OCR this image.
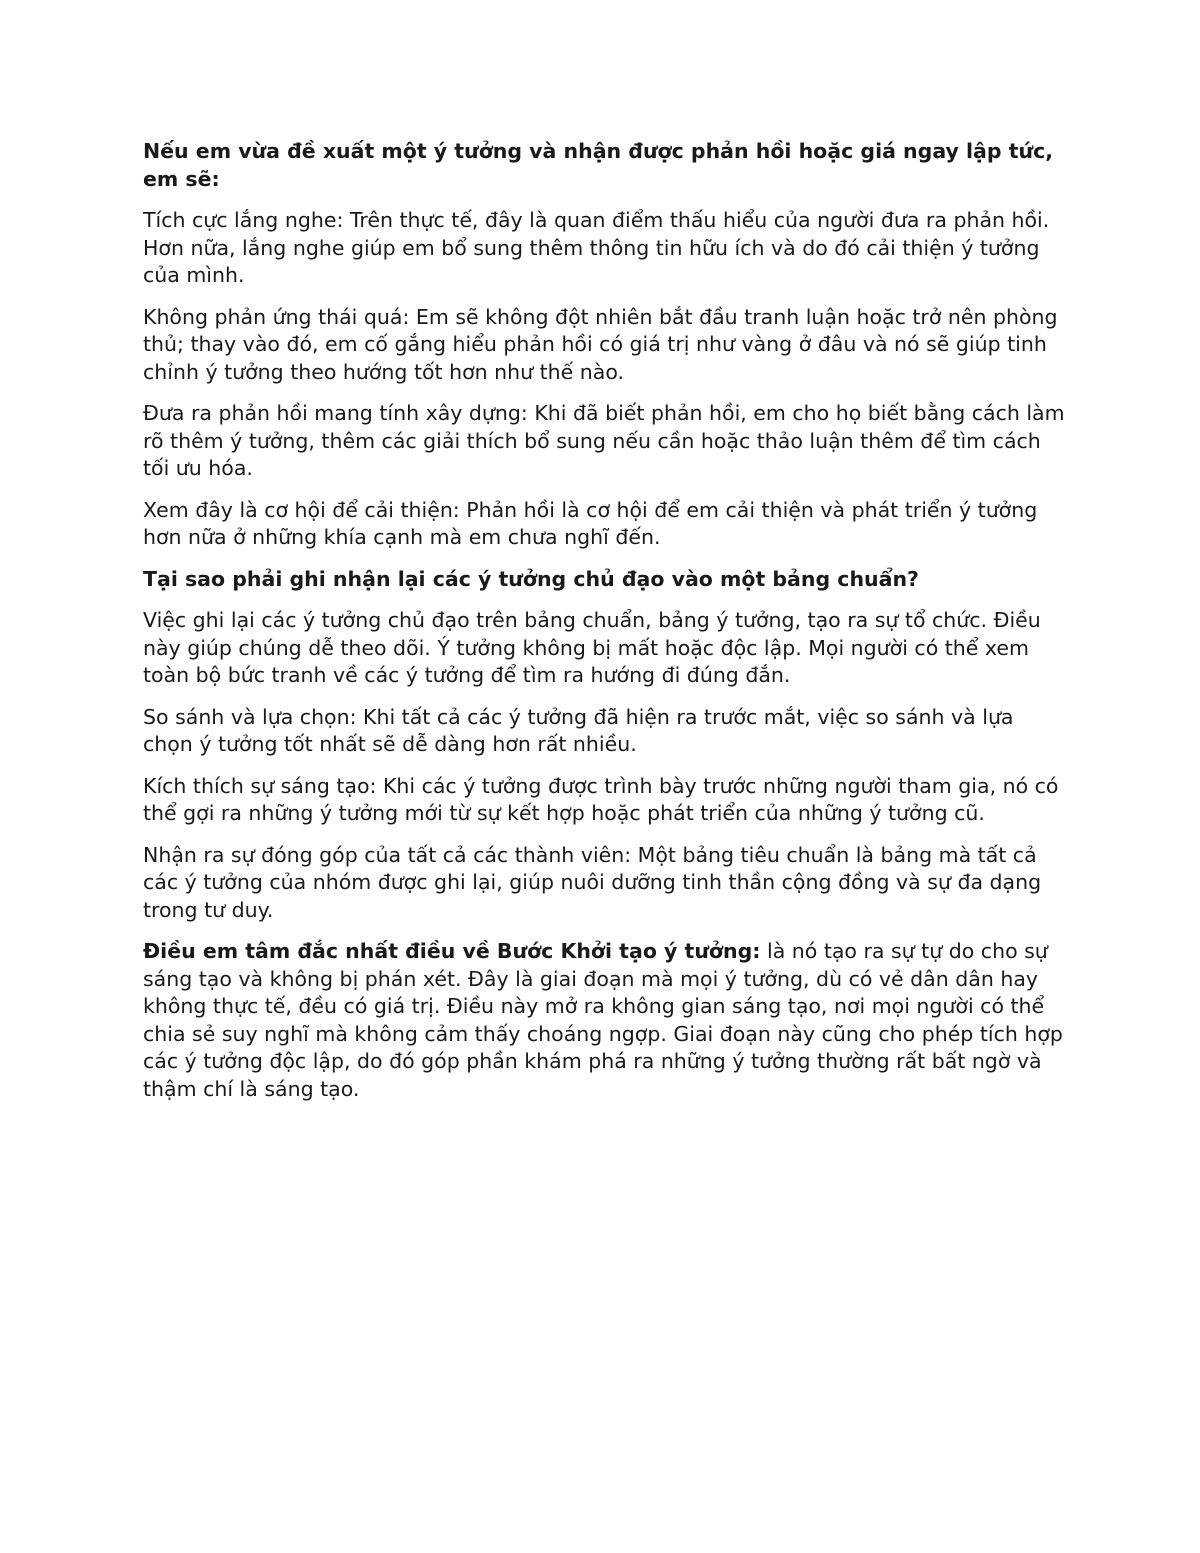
Nếu em vừa đề xuất một ý tưởng và nhận được phản hồi hoặc giá ngay lập tức, em sẽ:

Tích cực lắng nghe: Trên thực tế, đây là quan điểm thấu hiểu của người đưa ra phản hồi. Hơn nữa, lắng nghe giúp em bổ sung thêm thông tin hữu ích và do đó cải thiện ý tưởng của mình.

Không phản ứng thái quá: Em sẽ không đột nhiên bắt đầu tranh luận hoặc trở nên phòng thủ; thay vào đó, em cố gắng hiểu phản hồi có giá trị như vàng ở đâu và nó sẽ giúp tinh chỉnh ý tưởng theo hướng tốt hơn như thế nào.

Đưa ra phản hồi mang tính xây dựng: Khi đã biết phản hồi, em cho họ biết bằng cách làm rõ thêm ý tưởng, thêm các giải thích bổ sung nếu cần hoặc thảo luận thêm để tìm cách tối ưu hóa.

Xem đây là cơ hội để cải thiện: Phản hồi là cơ hội để em cải thiện và phát triển ý tưởng hơn nữa ở những khía cạnh mà em chưa nghĩ đến.

Tại sao phải ghi nhận lại các ý tưởng chủ đạo vào một bảng chuẩn?

Việc ghi lại các ý tưởng chủ đạo trên bảng chuẩn, bảng ý tưởng, tạo ra sự tổ chức. Điều này giúp chúng dễ theo dõi. Ý tưởng không bị mất hoặc độc lập. Mọi người có thể xem toàn bộ bức tranh về các ý tưởng để tìm ra hướng đi đúng đắn.

So sánh và lựa chọn: Khi tất cả các ý tưởng đã hiện ra trước mắt, việc so sánh và lựa chọn ý tưởng tốt nhất sẽ dễ dàng hơn rất nhiều.

Kích thích sự sáng tạo: Khi các ý tưởng được trình bày trước những người tham gia, nó có thể gợi ra những ý tưởng mới từ sự kết hợp hoặc phát triển của những ý tưởng cũ.

Nhận ra sự đóng góp của tất cả các thành viên: Một bảng tiêu chuẩn là bảng mà tất cả các ý tưởng của nhóm được ghi lại, giúp nuôi dưỡng tinh thần cộng đồng và sự đa dạng trong tư duy.

Điều em tâm đắc nhất điều về Bước Khởi tạo ý tưởng: là nó tạo ra sự tự do cho sự sáng tạo và không bị phán xét. Đây là giai đoạn mà mọi ý tưởng, dù có vẻ dân dân hay không thực tế, đều có giá trị. Điều này mở ra không gian sáng tạo, nơi mọi người có thể chia sẻ suy nghĩ mà không cảm thấy choáng ngợp. Giai đoạn này cũng cho phép tích hợp các ý tưởng độc lập, do đó góp phần khám phá ra những ý tưởng thường rất bất ngờ và thậm chí là sáng tạo.
